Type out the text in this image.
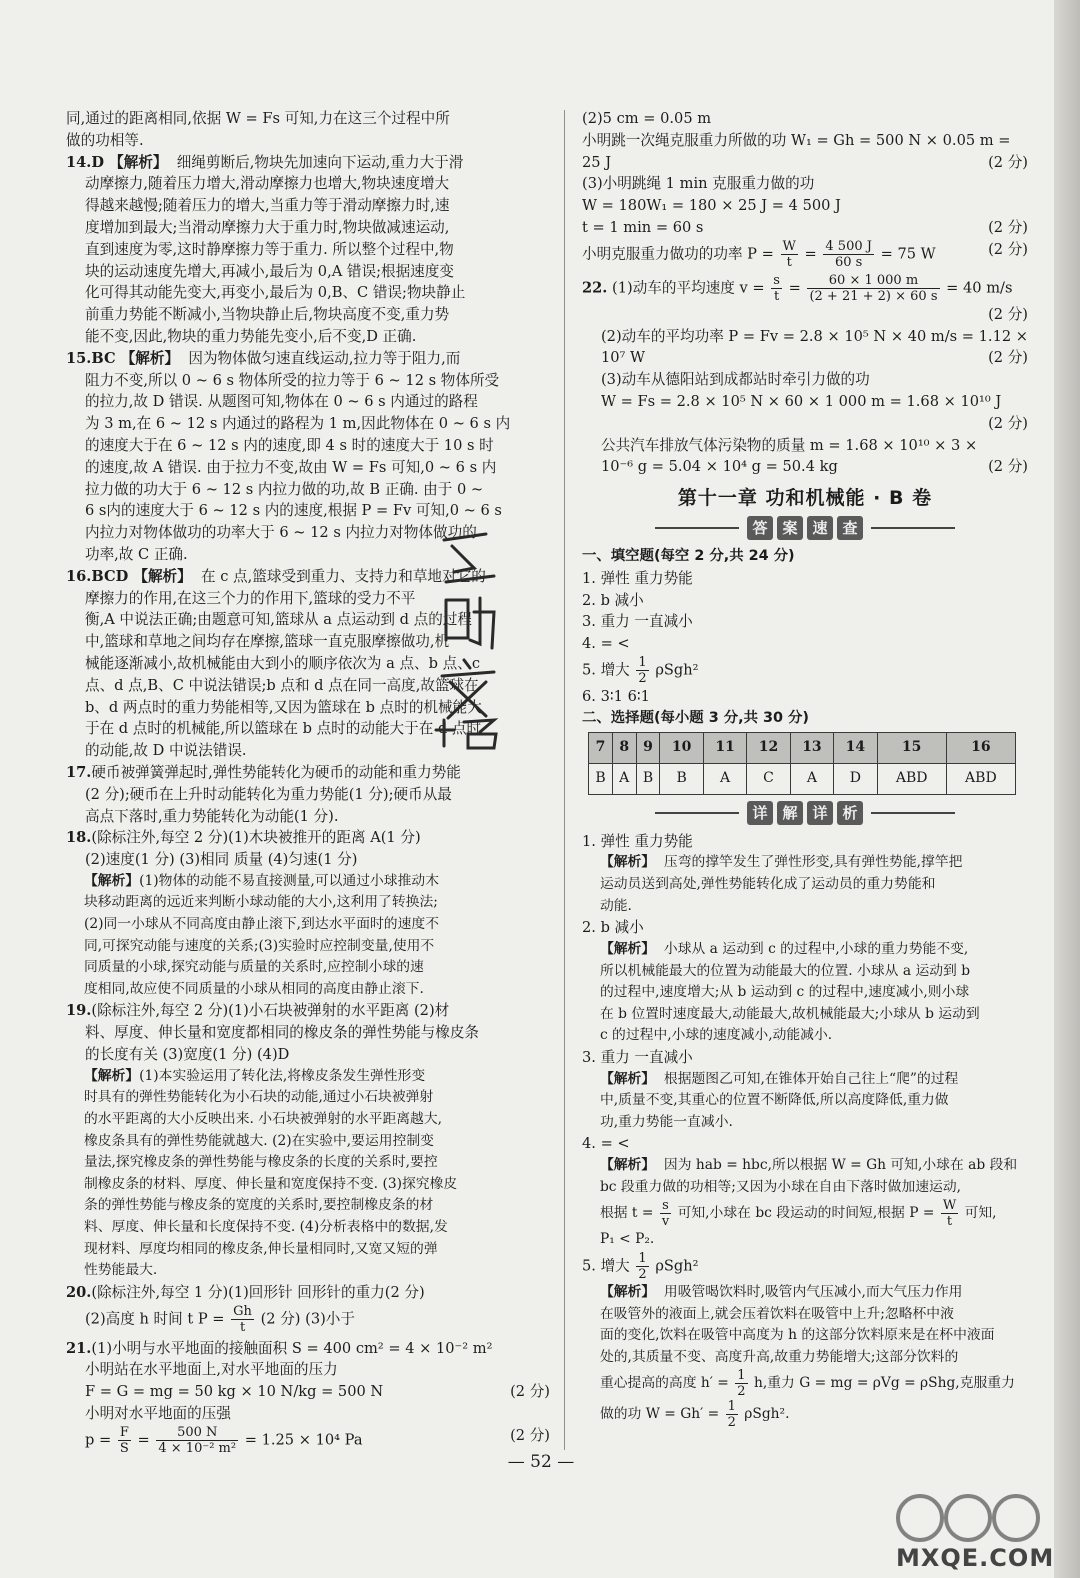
同,通过的距离相同,依据 W = Fs 可知,力在这三个过程中所

做的功相等.

14.D 【解析】 细绳剪断后,物块先加速向下运动,重力大于滑

动摩擦力,随着压力增大,滑动摩擦力也增大,物块速度增大

得越来越慢;随着压力的增大,当重力等于滑动摩擦力时,速

度增加到最大;当滑动摩擦力大于重力时,物块做减速运动,

直到速度为零,这时静摩擦力等于重力. 所以整个过程中,物

块的运动速度先增大,再减小,最后为 0,A 错误;根据速度变

化可得其动能先变大,再变小,最后为 0,B、C 错误;物块静止

前重力势能不断减小,当物块静止后,物块高度不变,重力势

能不变,因此,物块的重力势能先变小,后不变,D 正确.

15.BC 【解析】 因为物体做匀速直线运动,拉力等于阻力,而

阻力不变,所以 0 ~ 6 s 物体所受的拉力等于 6 ~ 12 s 物体所受

的拉力,故 D 错误. 从题图可知,物体在 0 ~ 6 s 内通过的路程

为 3 m,在 6 ~ 12 s 内通过的路程为 1 m,因此物体在 0 ~ 6 s 内

的速度大于在 6 ~ 12 s 内的速度,即 4 s 时的速度大于 10 s 时

的速度,故 A 错误. 由于拉力不变,故由 W = Fs 可知,0 ~ 6 s 内

拉力做的功大于 6 ~ 12 s 内拉力做的功,故 B 正确. 由于 0 ~

6 s内的速度大于 6 ~ 12 s 内的速度,根据 P = Fv 可知,0 ~ 6 s

内拉力对物体做功的功率大于 6 ~ 12 s 内拉力对物体做功的

功率,故 C 正确.

16.BCD 【解析】 在 c 点,篮球受到重力、支持力和草地对它的

摩擦力的作用,在这三个力的作用下,篮球的受力不平

衡,A 中说法正确;由题意可知,篮球从 a 点运动到 d 点的过程

中,篮球和草地之间均存在摩擦,篮球一直克服摩擦做功,机

械能逐渐减小,故机械能由大到小的顺序依次为 a 点、b 点、c

点、d 点,B、C 中说法错误;b 点和 d 点在同一高度,故篮球在

b、d 两点时的重力势能相等,又因为篮球在 b 点时的机械能大

于在 d 点时的机械能,所以篮球在 b 点时的动能大于在 d 点时

的动能,故 D 中说法错误.

17.硬币被弹簧弹起时,弹性势能转化为硬币的动能和重力势能

(2 分);硬币在上升时动能转化为重力势能(1 分);硬币从最

高点下落时,重力势能转化为动能(1 分).

18.(除标注外,每空 2 分)(1)木块被推开的距离 A(1 分)

(2)速度(1 分) (3)相同 质量 (4)匀速(1 分)

【解析】(1)物体的动能不易直接测量,可以通过小球推动木

块移动距离的远近来判断小球动能的大小,这利用了转换法;

(2)同一小球从不同高度由静止滚下,到达水平面时的速度不

同,可探究动能与速度的关系;(3)实验时应控制变量,使用不

同质量的小球,探究动能与质量的关系时,应控制小球的速

度相同,故应使不同质量的小球从相同的高度由静止滚下.

19.(除标注外,每空 2 分)(1)小石块被弹射的水平距离 (2)材

料、厚度、伸长量和宽度都相同的橡皮条的弹性势能与橡皮条

的长度有关 (3)宽度(1 分) (4)D

【解析】(1)本实验运用了转化法,将橡皮条发生弹性形变

时具有的弹性势能转化为小石块的动能,通过小石块被弹射

的水平距离的大小反映出来. 小石块被弹射的水平距离越大,

橡皮条具有的弹性势能就越大. (2)在实验中,要运用控制变

量法,探究橡皮条的弹性势能与橡皮条的长度的关系时,要控

制橡皮条的材料、厚度、伸长量和宽度保持不变. (3)探究橡皮

条的弹性势能与橡皮条的宽度的关系时,要控制橡皮条的材

料、厚度、伸长量和长度保持不变. (4)分析表格中的数据,发

现材料、厚度均相同的橡皮条,伸长量相同时,又宽又短的弹

性势能最大.

20.(除标注外,每空 1 分)(1)回形针 回形针的重力(2 分)

(2)高度 h 时间 t $P = \frac{Gh}{t} (2$ 分) (3)小于

21.(1)小明与水平地面的接触面积 S = 400 cm² = 4 × 10⁻² m²

小明站在水平地面上,对水平地面的压力

F = G = mg = 50 kg × 10 N/kg = 500 N	(2 分)

小明对水平地面的压强

$p = \frac{F}{S} = \frac{500 N}{\text{4 × 10⁻² m²}} = 1.25 \times 10^4$ Pa	(2 分)

(2)5 cm = 0.05 m

小明跳一次绳克服重力所做的功 W₁ = Gh = 500 N × 0.05 m =

25 J	(2 分)

(3)小明跳绳 1 min 克服重力做的功

W = 180W₁ = 180 × 25 J = 4 500 J

t = 1 min = 60 s	(2 分)

小明克服重力做功的功率 $P = \frac{W}{t} = \frac{4 500 J}{60 s} = 75$ W	(2 分)

22. (1)动车的平均速度 $v = \frac{s}{t} = \frac{60 \times 1 000 m}{(2 + 21 + 2) \times 60 s} = 40$ m/s

(2 分)

(2)动车的平均功率 P = Fv = 2.8 × 10⁵ N × 40 m/s = 1.12 ×

10⁷ W	(2 分)

(3)动车从德阳站到成都站时牵引力做的功

W = Fs = 2.8 × 10⁵ N × 60 × 1 000 m = 1.68 × 10¹⁰ J
(2 分)

公共汽车排放气体污染物的质量 m = 1.68 × 10¹⁰ × 3 ×

10⁻⁶ g = 5.04 × 10⁴ g = 50.4 kg	(2 分)

第十一章 功和机械能 · B 卷
答 案 速 查

一、填空题(每空 2 分,共 24 分)

1. 弹性 重力势能

2. b 减小

3. 重力 一直减小

4. = <

5. 增大 $\frac{1}{2} \rho Sgh^2$

6. 3∶1 6∶1

二、选择题(每小题 3 分,共 30 分)

7	8	9	10	11	12	13	14	15	16
B	A	B	B	A	C	A	D	ABD	ABD
详 解 详 析

1. 弹性 重力势能

【解析】 压弯的撑竿发生了弹性形变,具有弹性势能,撑竿把

运动员送到高处,弹性势能转化成了运动员的重力势能和

动能.

2. b 减小

【解析】 小球从 a 运动到 c 的过程中,小球的重力势能不变,

所以机械能最大的位置为动能最大的位置. 小球从 a 运动到 b

的过程中,速度增大;从 b 运动到 c 的过程中,速度减小,则小球

在 b 位置时速度最大,动能最大,故机械能最大;小球从 b 运动到

c 的过程中,小球的速度减小,动能减小.

3. 重力 一直减小

【解析】 根据题图乙可知,在锥体开始自己往上“爬”的过程

中,质量不变,其重心的位置不断降低,所以高度降低,重力做

功,重力势能一直减小.

4. = <

【解析】 因为 hab = hbc,所以根据 W = Gh 可知,小球在 ab 段和

bc 段重力做的功相等;又因为小球在自由下落时做加速运动,

根据 $t = \frac{s}{v}$ 可知,小球在 bc 段运动的时间短,根据 $P = \frac{W}{t}$ 可知,

P₁ < P₂.

5. 增大 $\frac{1}{2} \rho Sgh^2$

【解析】 用吸管喝饮料时,吸管内气压减小,而大气压力作用

在吸管外的液面上,就会压着饮料在吸管中上升;忽略杯中液

面的变化,饮料在吸管中高度为 h 的这部分饮料原来是在杯中液面

处的,其质量不变、高度升高,故重力势能增大;这部分饮料的

重心提高的高度 $h' = \frac{1}{2} h$,重力 G = mg = ρVg = ρShg,克服重力

做的功 $W = Gh' = \frac{1}{2} \rho Sgh^2$.

— 52 —
MXQE.COM
